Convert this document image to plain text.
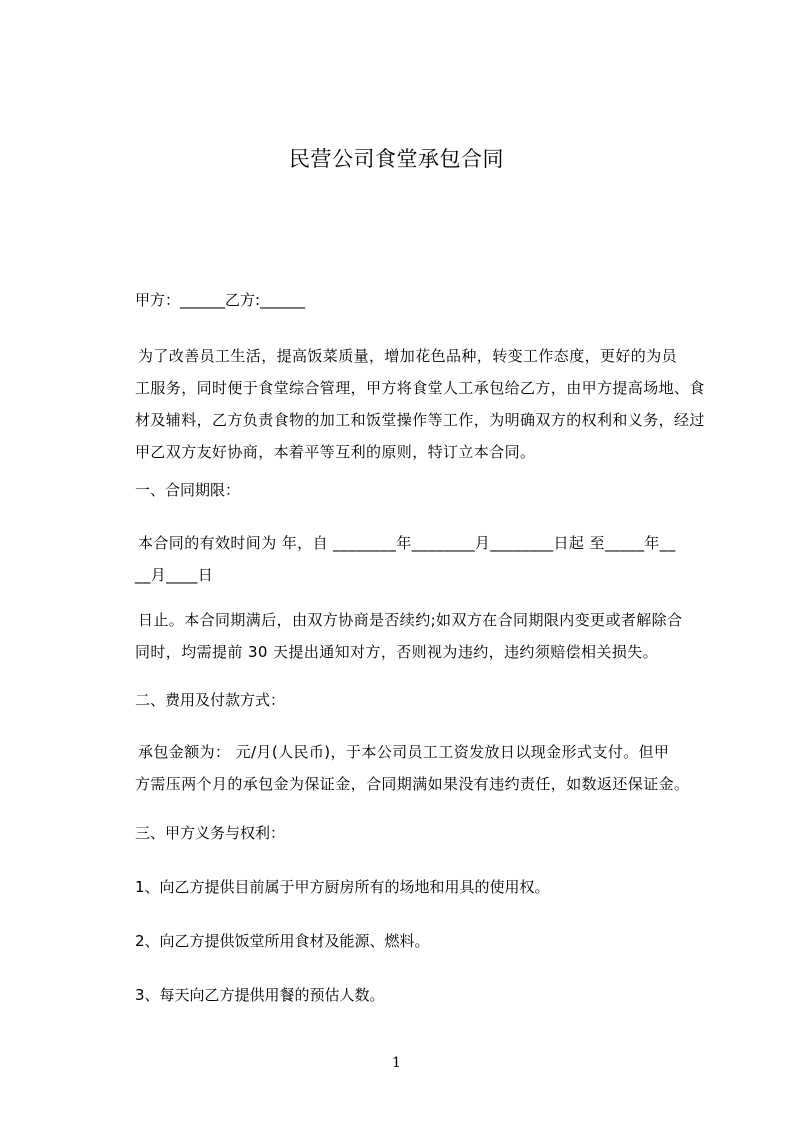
民营公司食堂承包合同
甲方：______乙方:______
为了改善员工生活，提高饭菜质量，增加花色品种，转变工作态度，更好的为员
工服务，同时便于食堂综合管理，甲方将食堂人工承包给乙方，由甲方提高场地、食
材及辅料，乙方负责食物的加工和饭堂操作等工作，为明确双方的权利和义务，经过
甲乙双方友好协商，本着平等互利的原则，特订立本合同。
一、合同期限：
本合同的有效时间为 年，自 ________年________月________日起 至_____年__
__月____日
日止。本合同期满后，由双方协商是否续约;如双方在合同期限内变更或者解除合
同时，均需提前 30 天提出通知对方，否则视为违约，违约须赔偿相关损失。
二、费用及付款方式：
承包金额为： 元/月(人民币)，于本公司员工工资发放日以现金形式支付。但甲
方需压两个月的承包金为保证金，合同期满如果没有违约责任，如数返还保证金。
三、甲方义务与权利：
1、向乙方提供目前属于甲方厨房所有的场地和用具的使用权。
2、向乙方提供饭堂所用食材及能源、燃料。
3、每天向乙方提供用餐的预估人数。
1
